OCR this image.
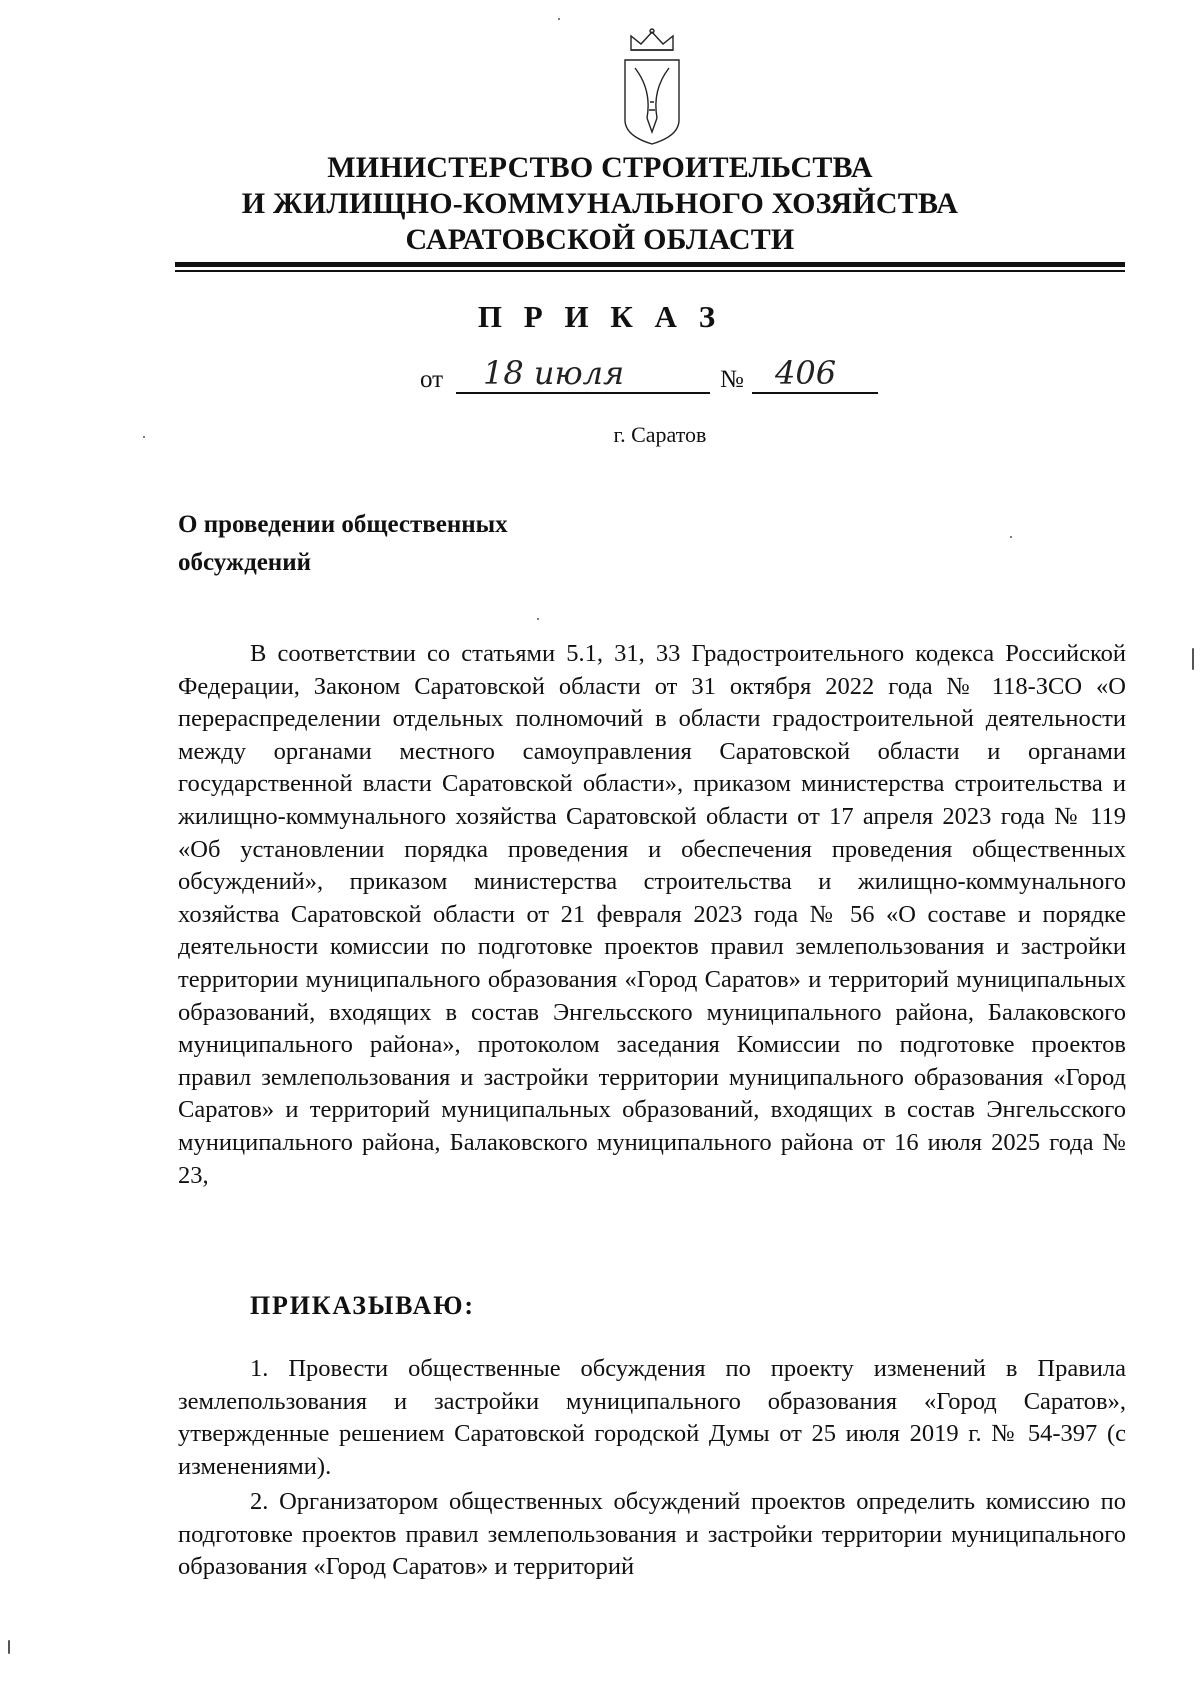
МИНИСТЕРСТВО СТРОИТЕЛЬСТВА
И ЖИЛИЩНО-КОММУНАЛЬНОГО ХОЗЯЙСТВА
САРАТОВСКОЙ ОБЛАСТИ
П Р И К А З
от 18 июля	№ 406
г. Саратов
О проведении общественных
обсуждений
В соответствии со статьями 5.1, 31, 33 Градостроительного кодекса Российской Федерации, Законом Саратовской области от 31 октября 2022 года № 118-ЗСО «О перераспределении отдельных полномочий в области градостроительной деятельности между органами местного самоуправления Саратовской области и органами государственной власти Саратовской области», приказом министерства строительства и жилищно-коммунального хозяйства Саратовской области от 17 апреля 2023 года № 119 «Об установлении порядка проведения и обеспечения проведения общественных обсуждений», приказом министерства строительства и жилищно-коммунального хозяйства Саратовской области от 21 февраля 2023 года № 56 «О составе и порядке деятельности комиссии по подготовке проектов правил землепользования и застройки территории муниципального образования «Город Саратов» и территорий муниципальных образований, входящих в состав Энгельсского муниципального района, Балаковского муниципального района», протоколом заседания Комиссии по подготовке проектов правил землепользования и застройки территории муниципального образования «Город Саратов» и территорий муниципальных образований, входящих в состав Энгельсского муниципального района, Балаковского муниципального района от 16 июля 2025 года № 23,
ПРИКАЗЫВАЮ:
1. Провести общественные обсуждения по проекту изменений в Правила землепользования и застройки муниципального образования «Город Саратов», утвержденные решением Саратовской городской Думы от 25 июля 2019 г. № 54-397 (с изменениями).
2. Организатором общественных обсуждений проектов определить комиссию по подготовке проектов правил землепользования и застройки территории муниципального образования «Город Саратов» и территорий
